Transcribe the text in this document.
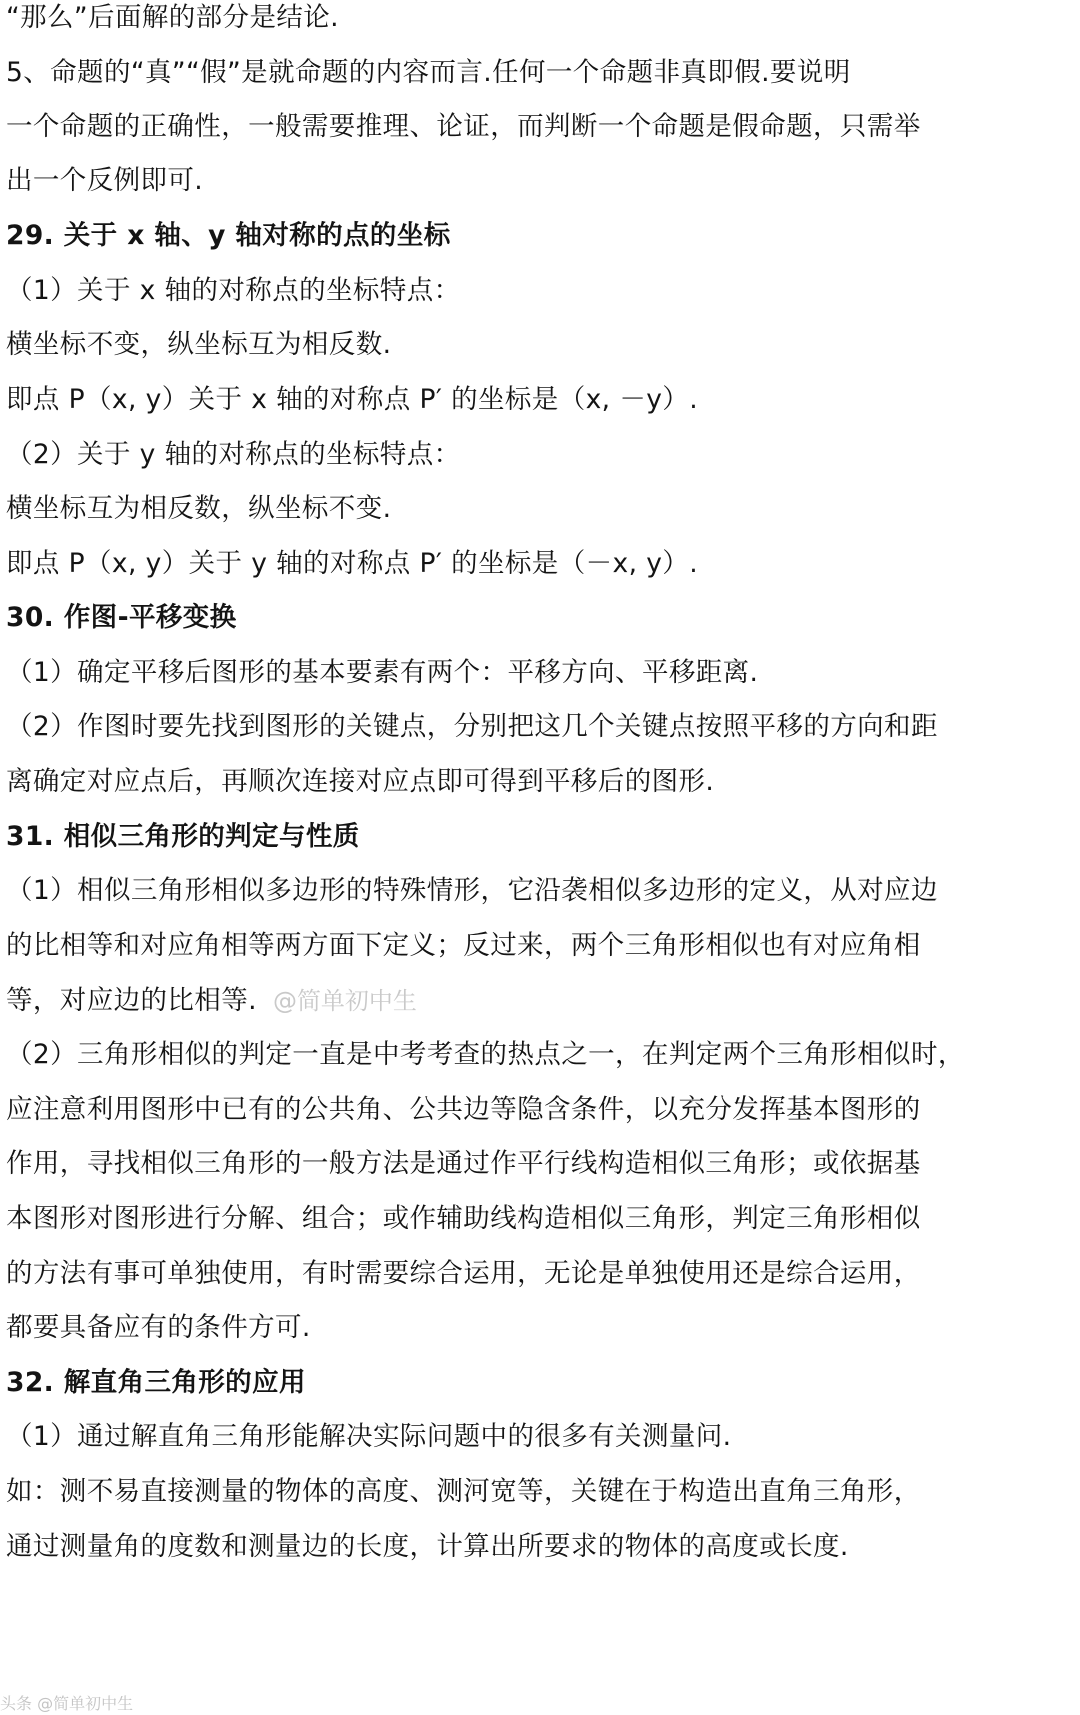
“那么”后面解的部分是结论.
5、命题的“真”“假”是就命题的内容而言.任何一个命题非真即假.要说明
一个命题的正确性，一般需要推理、论证，而判断一个命题是假命题，只需举
出一个反例即可.
29. 关于 x 轴、y 轴对称的点的坐标
（1）关于 x 轴的对称点的坐标特点：
横坐标不变，纵坐标互为相反数.
即点 P（x, y）关于 x 轴的对称点 P′ 的坐标是（x, －y）.
（2）关于 y 轴的对称点的坐标特点：
横坐标互为相反数，纵坐标不变.
即点 P（x, y）关于 y 轴的对称点 P′ 的坐标是（－x, y）.
30. 作图-平移变换
（1）确定平移后图形的基本要素有两个：平移方向、平移距离.
（2）作图时要先找到图形的关键点，分别把这几个关键点按照平移的方向和距
离确定对应点后，再顺次连接对应点即可得到平移后的图形.
31. 相似三角形的判定与性质
（1）相似三角形相似多边形的特殊情形，它沿袭相似多边形的定义，从对应边
的比相等和对应角相等两方面下定义；反过来，两个三角形相似也有对应角相
等，对应边的比相等. @简单初中生
（2）三角形相似的判定一直是中考考查的热点之一，在判定两个三角形相似时，
应注意利用图形中已有的公共角、公共边等隐含条件，以充分发挥基本图形的
作用，寻找相似三角形的一般方法是通过作平行线构造相似三角形；或依据基
本图形对图形进行分解、组合；或作辅助线构造相似三角形，判定三角形相似
的方法有事可单独使用，有时需要综合运用，无论是单独使用还是综合运用，
都要具备应有的条件方可.
32. 解直角三角形的应用
（1）通过解直角三角形能解决实际问题中的很多有关测量问.
如：测不易直接测量的物体的高度、测河宽等，关键在于构造出直角三角形，
通过测量角的度数和测量边的长度，计算出所要求的物体的高度或长度.
头条 @简单初中生
